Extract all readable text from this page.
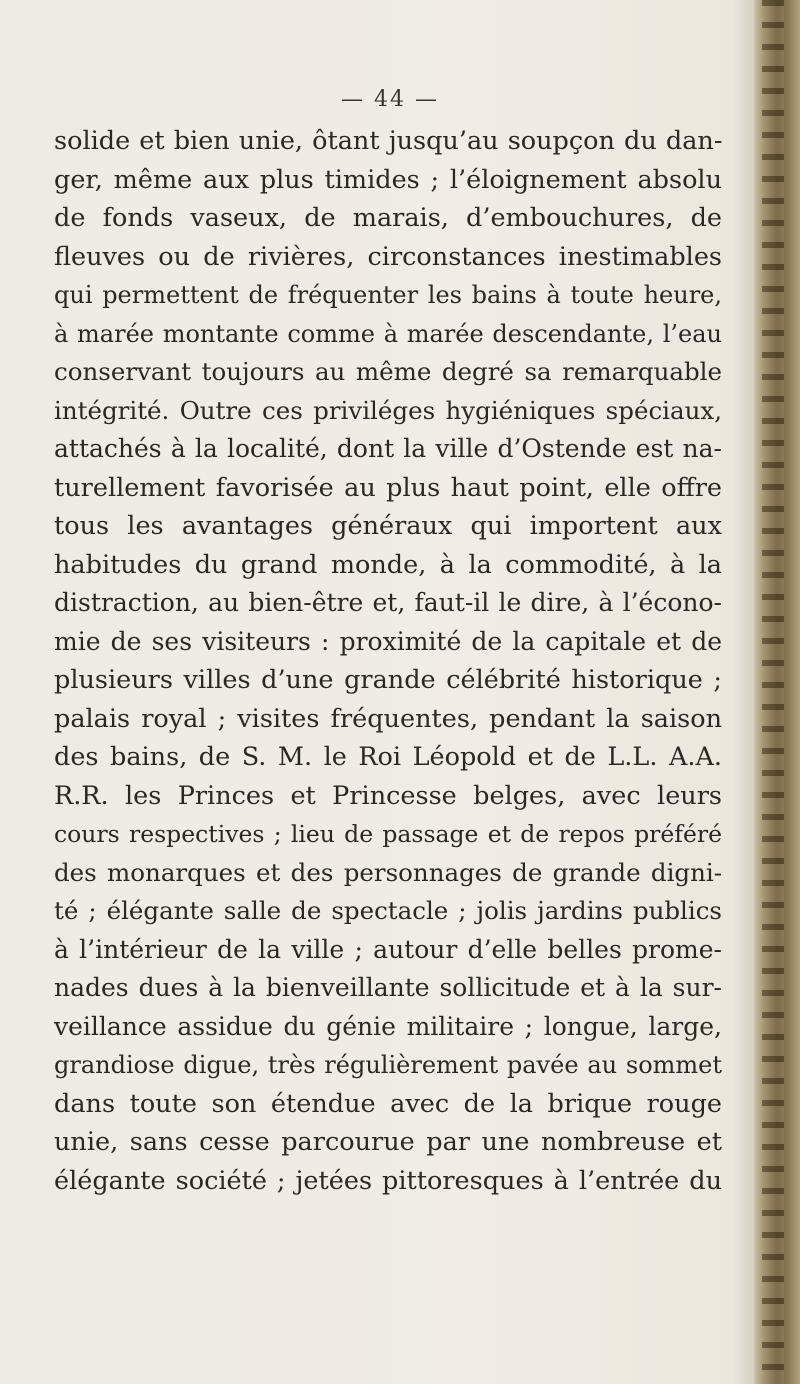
— 44 —
solide et bien unie, ôtant jusqu’au soupçon du dan-
ger, même aux plus timides ; l’éloignement absolu
de fonds vaseux, de marais, d’embouchures, de
fleuves ou de rivières, circonstances inestimables
qui permettent de fréquenter les bains à toute heure,
à marée montante comme à marée descendante, l’eau
conservant toujours au même degré sa remarquable
intégrité. Outre ces priviléges hygiéniques spéciaux,
attachés à la localité, dont la ville d’Ostende est na-
turellement favorisée au plus haut point, elle offre
tous les avantages généraux qui importent aux
habitudes du grand monde, à la commodité, à la
distraction, au bien-être et, faut-il le dire, à l’écono-
mie de ses visiteurs : proximité de la capitale et de
plusieurs villes d’une grande célébrité historique ;
palais royal ; visites fréquentes, pendant la saison
des bains, de S. M. le Roi Léopold et de L.L. A.A.
R.R. les Princes et Princesse belges, avec leurs
cours respectives ; lieu de passage et de repos préféré
des monarques et des personnages de grande digni-
té ; élégante salle de spectacle ; jolis jardins publics
à l’intérieur de la ville ; autour d’elle belles prome-
nades dues à la bienveillante sollicitude et à la sur-
veillance assidue du génie militaire ; longue, large,
grandiose digue, très régulièrement pavée au sommet
dans toute son étendue avec de la brique rouge
unie, sans cesse parcourue par une nombreuse et
élégante société ; jetées pittoresques à l’entrée du
